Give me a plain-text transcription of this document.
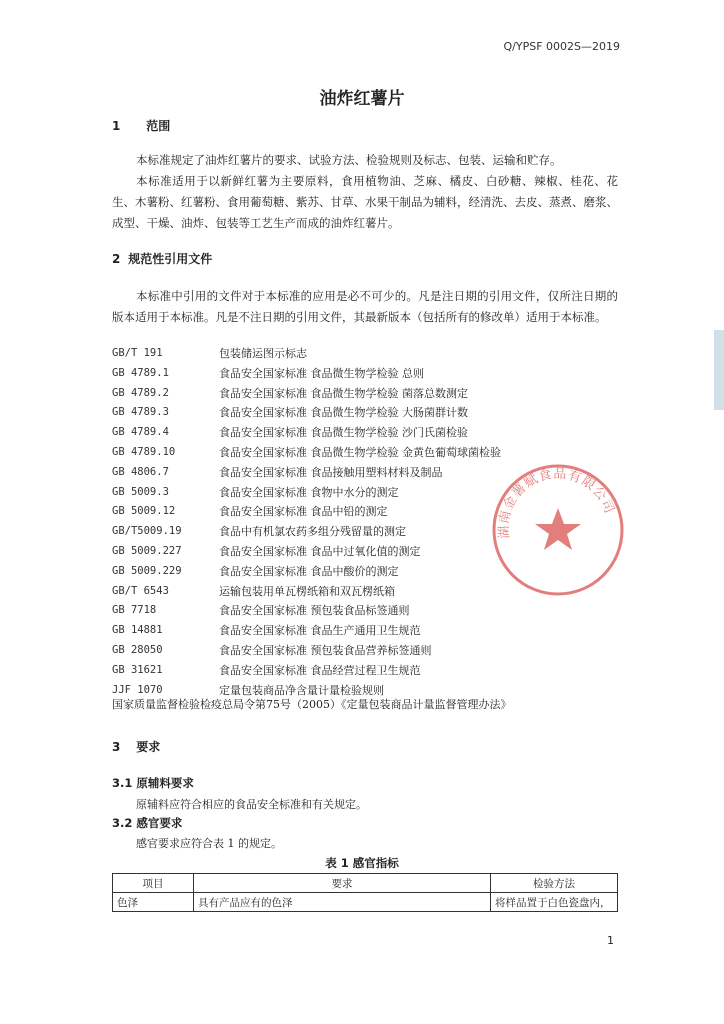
Q/YPSF 0002S—2019
油炸红薯片
1 范围
本标准规定了油炸红薯片的要求、试验方法、检验规则及标志、包装、运输和贮存。
本标准适用于以新鲜红薯为主要原料，食用植物油、芝麻、橘皮、白砂糖、辣椒、桂花、花生、木薯粉、红薯粉、食用葡萄糖、紫苏、甘草、水果干制品为辅料，经清洗、去皮、蒸煮、磨浆、成型、干燥、油炸、包装等工艺生产而成的油炸红薯片。
2 规范性引用文件
本标准中引用的文件对于本标准的应用是必不可少的。凡是注日期的引用文件，仅所注日期的版本适用于本标准。凡是不注日期的引用文件，其最新版本（包括所有的修改单）适用于本标准。
GB/T 191	包装储运图示标志
GB 4789.1	食品安全国家标准 食品微生物学检验 总则
GB 4789.2	食品安全国家标准 食品微生物学检验 菌落总数测定
GB 4789.3	食品安全国家标准 食品微生物学检验 大肠菌群计数
GB 4789.4	食品安全国家标准 食品微生物学检验 沙门氏菌检验
GB 4789.10	食品安全国家标准 食品微生物学检验 金黄色葡萄球菌检验
GB 4806.7	食品安全国家标准 食品接触用塑料材料及制品
GB 5009.3	食品安全国家标准 食物中水分的测定
GB 5009.12	食品安全国家标准 食品中铅的测定
GB/T5009.19	食品中有机氯农药多组分残留量的测定
GB 5009.227	食品安全国家标准 食品中过氧化值的测定
GB 5009.229	食品安全国家标准 食品中酸价的测定
GB/T 6543	运输包装用单瓦楞纸箱和双瓦楞纸箱
GB 7718	食品安全国家标准 预包装食品标签通则
GB 14881	食品安全国家标准 食品生产通用卫生规范
GB 28050	食品安全国家标准 预包装食品营养标签通则
GB 31621	食品安全国家标准 食品经营过程卫生规范
JJF 1070	定量包装商品净含量计量检验规则
国家质量监督检验检疫总局令第75号（2005）《定量包装商品计量监督管理办法》
3 要求
3.1 原辅料要求
原辅料应符合相应的食品安全标准和有关规定。
3.2 感官要求
感官要求应符合表 1 的规定。
表 1 感官指标
项目	要求	检验方法
色泽	具有产品应有的色泽	将样品置于白色瓷盘内，
1
湖南金薯赋食品有限公司
